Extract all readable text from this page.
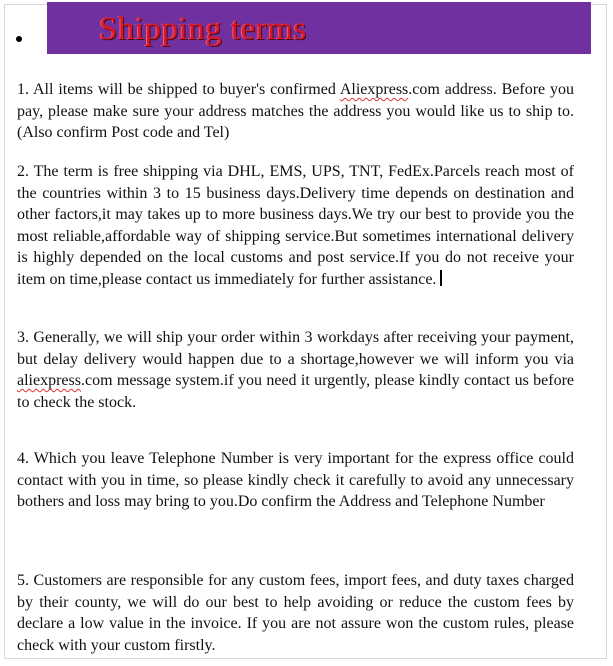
Shipping terms
1. All items will be shipped to buyer's confirmed Aliexpress.com address. Before you pay, please make sure your address matches the address you would like us to ship to.(Also confirm Post code and Tel)
2. The term is free shipping via DHL, EMS, UPS, TNT, FedEx.Parcels reach most of the countries within 3 to 15 business days.Delivery time depends on destination and other factors,it may takes up to more business days.We try our best to provide you the most reliable,affordable way of shipping service.But sometimes international delivery is highly depended on the local customs and post service.If you do not receive your item on time,please contact us immediately for further assistance.
3. Generally, we will ship your order within 3 workdays after receiving your payment, but delay delivery would happen due to a shortage,however we will inform you via aliexpress.com message system.if you need it urgently, please kindly contact us before to check the stock.
4. Which you leave Telephone Number is very important for the express office could contact with you in time, so please kindly check it carefully to avoid any unnecessary bothers and loss may bring to you.Do confirm the Address and Telephone Number
5. Customers are responsible for any custom fees, import fees, and duty taxes charged by their county, we will do our best to help avoiding or reduce the custom fees by declare a low value in the invoice. If you are not assure won the custom rules, please check with your custom firstly.
